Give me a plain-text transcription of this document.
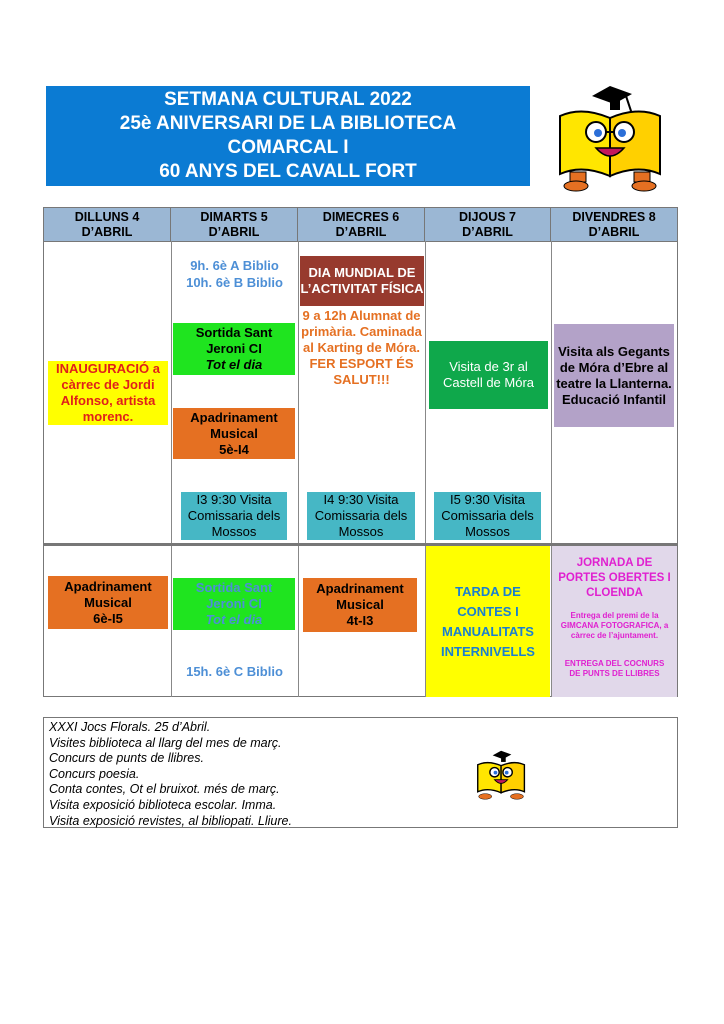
SETMANA CULTURAL 2022
25è ANIVERSARI DE LA BIBLIOTECA
COMARCAL I
60 ANYS DEL CAVALL FORT
DILLUNS 4
D’ABRIL
DIMARTS 5
D’ABRIL
DIMECRES 6
D’ABRIL
DIJOUS 7
D’ABRIL
DIVENDRES 8
D’ABRIL
INAUGURACIÓ a càrrec de Jordi Alfonso, artista morenc.
9h. 6è A Biblio
10h. 6è B Biblio
Sortida Sant
Jeroni CI
Tot el dia
Apadrinament
Musical
5è-I4
I3 9:30 Visita Comissaria dels Mossos
DIA MUNDIAL DE L’ACTIVITAT FÍSICA
9 a 12h Alumnat de primària. Caminada al Karting de Móra. FER ESPORT ÉS SALUT!!!
I4 9:30 Visita Comissaria dels Mossos
Visita de 3r al Castell de Móra
I5 9:30 Visita Comissaria dels Mossos
Visita als Gegants de Móra d’Ebre al teatre la Llanterna. Educació Infantil
Apadrinament
Musical
6è-I5
Sortida Sant
Jeroni CI
Tot el dia
15h. 6è C Biblio
Apadrinament
Musical
4t-I3
TARDA DE CONTES I MANUALITATS INTERNIVELLS
JORNADA DE PORTES OBERTES I CLOENDA
Entrega del premi de la GIMCANA FOTOGRAFICA, a càrrec de l’ajuntament.
ENTREGA DEL COCNURS DE PUNTS DE LLIBRES
XXXI Jocs Florals. 25 d’Abril.
Visites biblioteca al llarg del mes de març.
Concurs de punts de llibres.
Concurs poesia.
Conta contes, Ot el bruixot. més de març.
Visita exposició biblioteca escolar. Imma.
Visita exposició revistes, al bibliopati. Lliure.
